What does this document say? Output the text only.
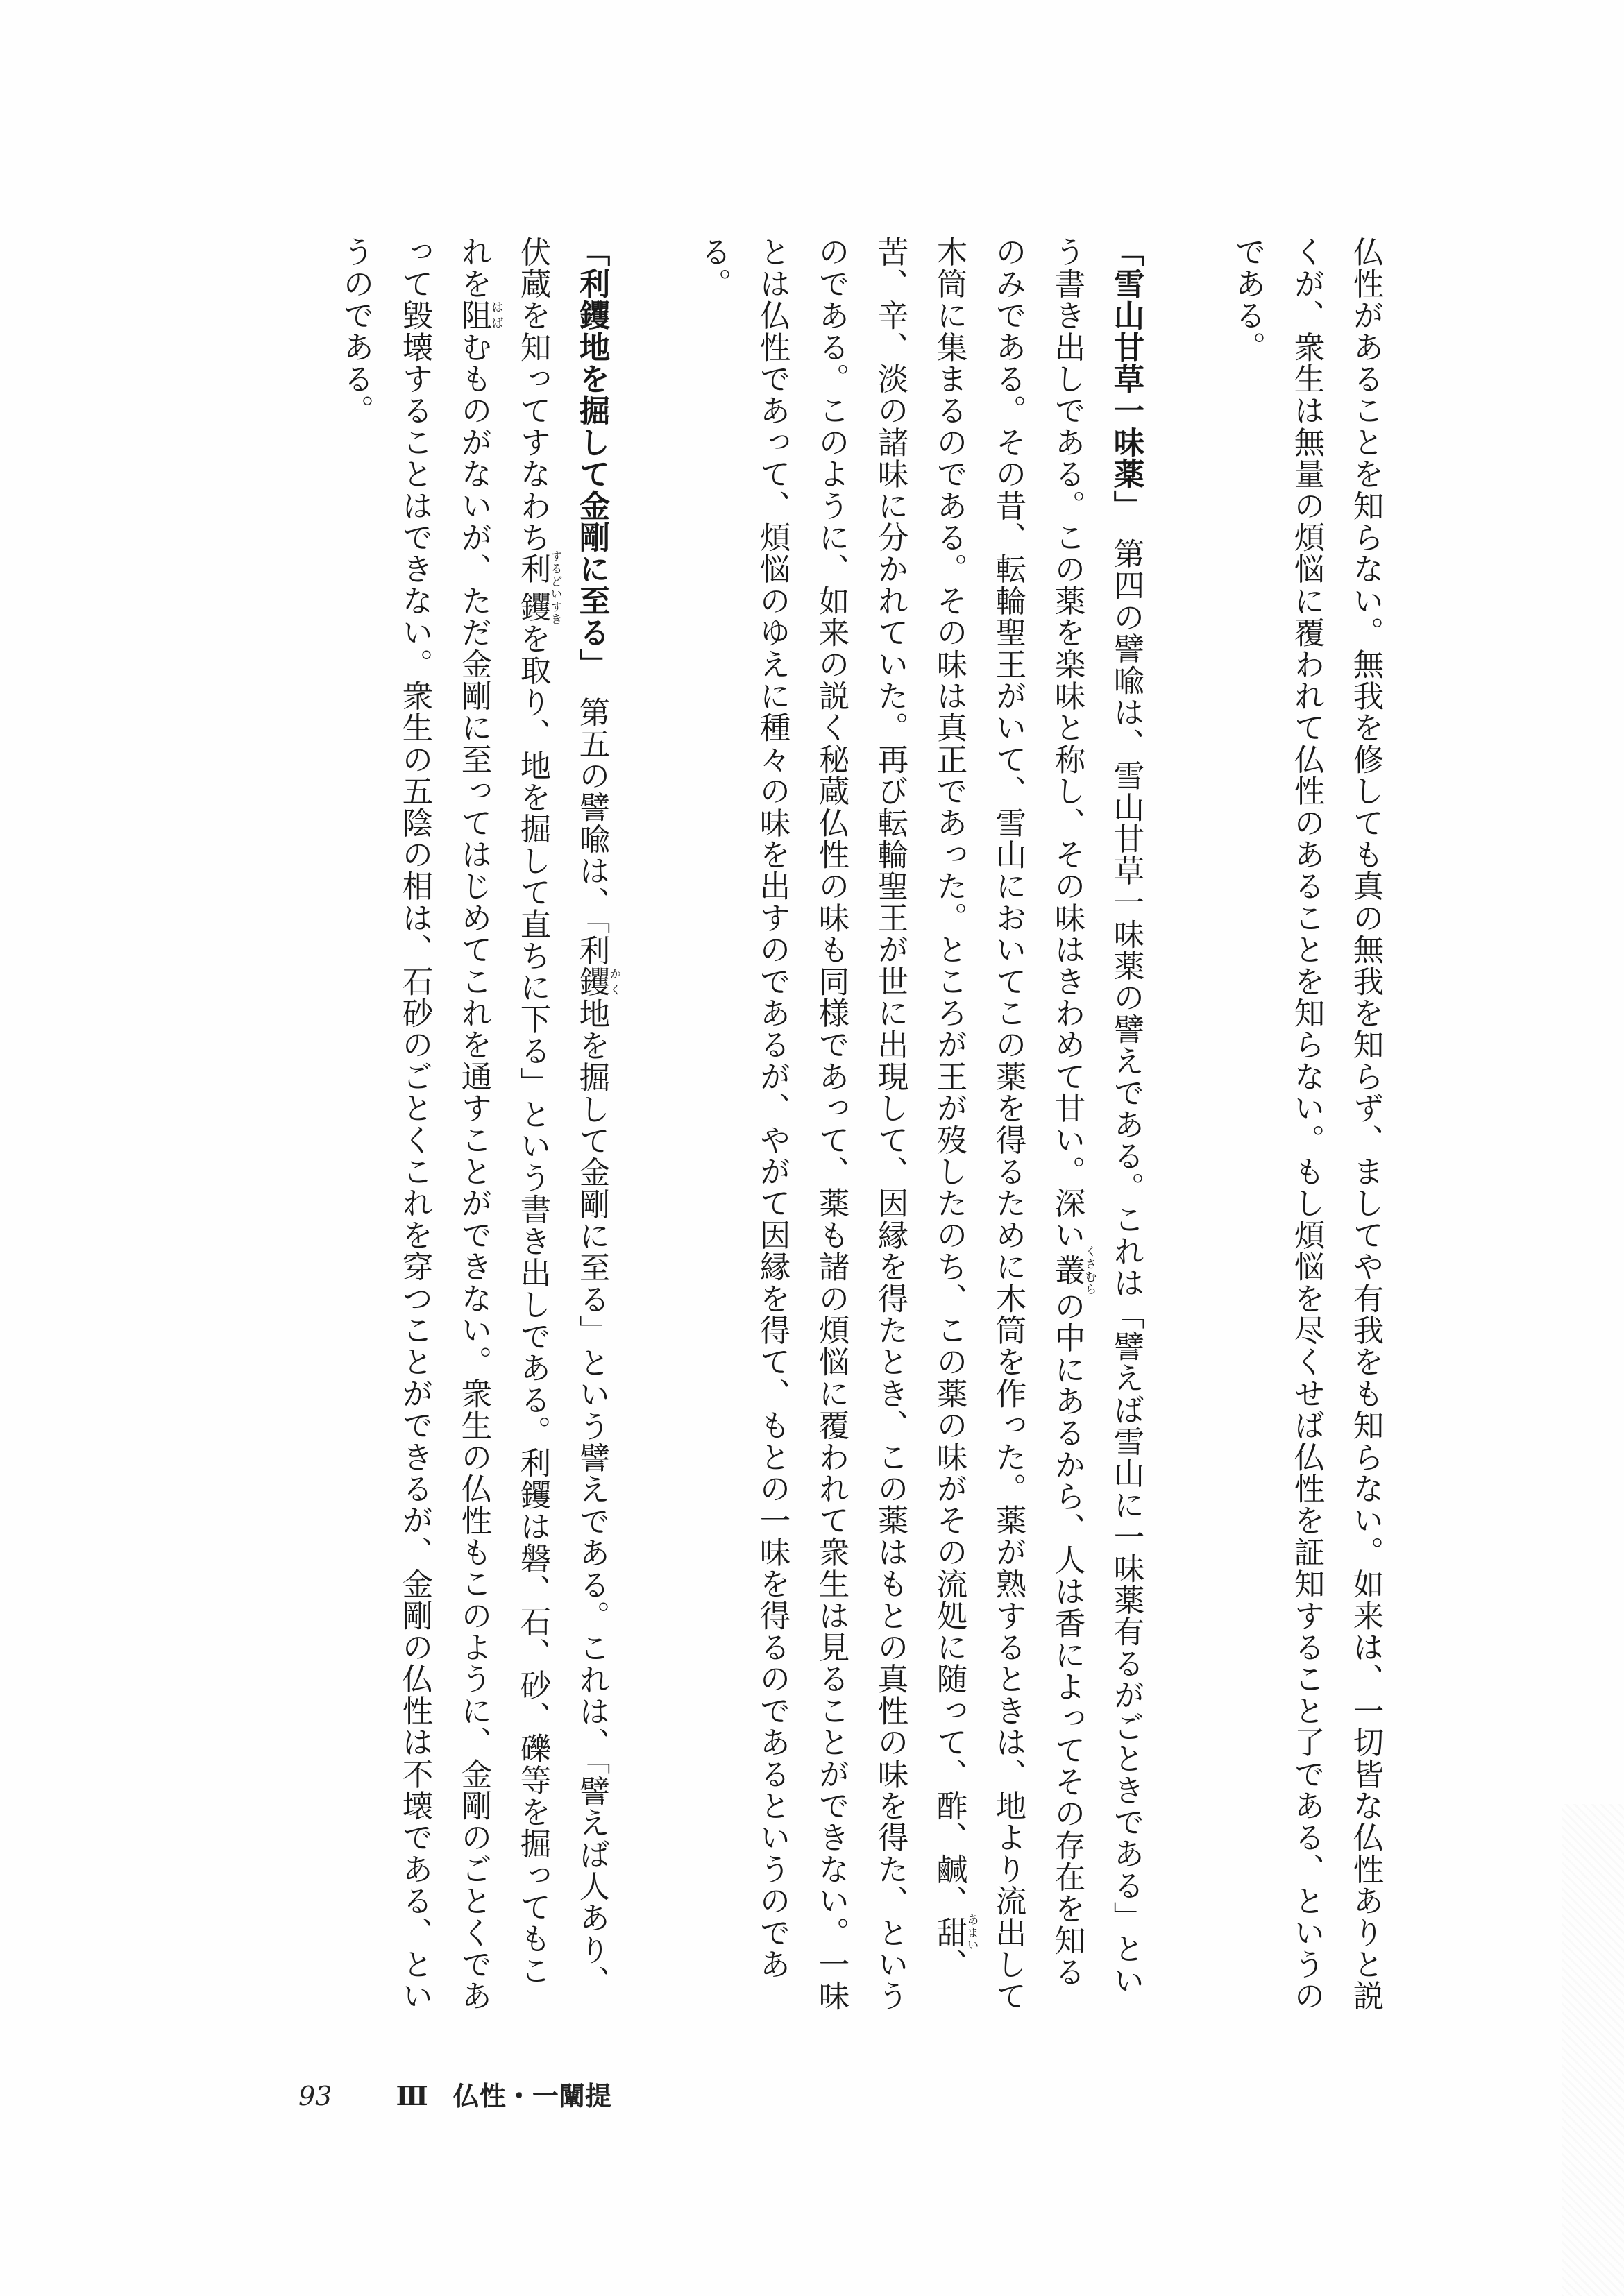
仏性があることを知らない。無我を修しても真の無我を知らず、ましてや有我をも知らない。如来は、一切皆な仏性ありと説くが、衆生は無量の煩悩に覆われて仏性のあることを知らない。もし煩悩を尽くせば仏性を証知すること了である、というのである。

「雪山甘草一味薬」　第四の譬喩は、雪山甘草一味薬の譬えである。これは「譬えば雪山に一味薬有るがごときである」という書き出しである。この薬を楽味と称し、その味はきわめて甘い。深い叢くさむらの中にあるから、人は香によってその存在を知るのみである。その昔、転輪聖王がいて、雪山においてこの薬を得るために木筒を作った。薬が熟するときは、地より流出して木筒に集まるのである。その味は真正であった。ところが王が歿したのち、この薬の味がその流処に随って、酢、鹹、甜あまい、苦、辛、淡の諸味に分かれていた。再び転輪聖王が世に出現して、因縁を得たとき、この薬はもとの真性の味を得た、というのである。このように、如来の説く秘蔵仏性の味も同様であって、薬も諸の煩悩に覆われて衆生は見ることができない。一味とは仏性であって、煩悩のゆえに種々の味を出すのであるが、やがて因縁を得て、もとの一味を得るのであるというのである。

「利钁地を掘して金剛に至る」　第五の譬喩は、「利钁かく地を掘して金剛に至る」という譬えである。これは、「譬えば人あり、伏蔵を知ってすなわち利钁するどいすきを取り、地を掘して直ちに下る」という書き出しである。利钁は磐、石、砂、礫等を掘ってもこれを阻はばむものがないが、ただ金剛に至ってはじめてこれを通すことができない。衆生の仏性もこのように、金剛のごとくであって毀壊することはできない。衆生の五陰の相は、石砂のごとくこれを穿つことができるが、金剛の仏性は不壊である、というのである。

93 Ⅲ 仏性・一闡提
